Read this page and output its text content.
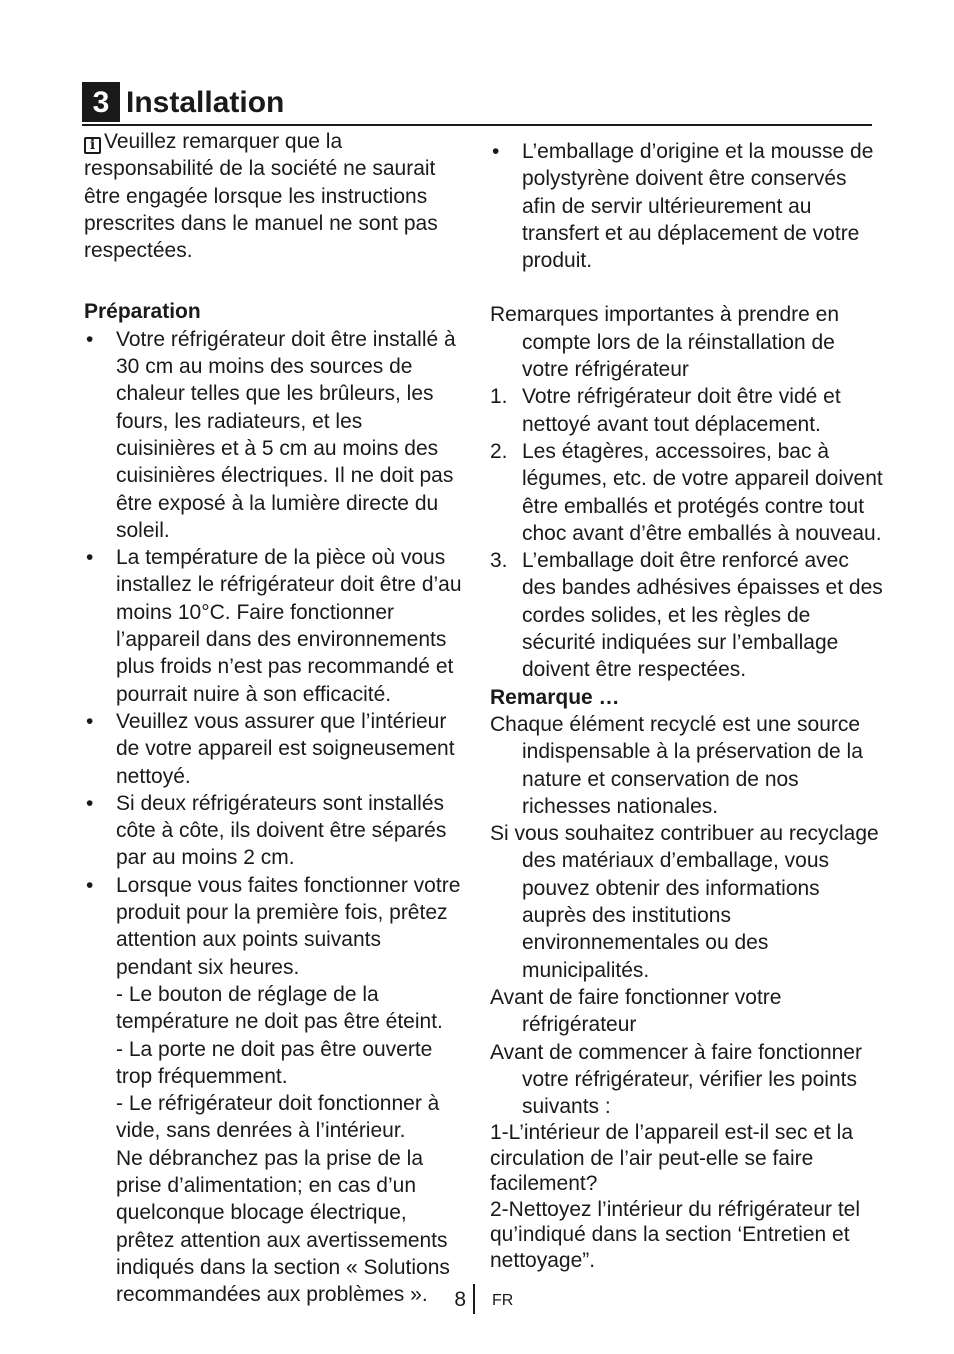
3 Installation

i Veuillez remarquer que la responsabilité de la société ne saurait être engagée lorsque les instructions prescrites dans le manuel ne sont pas respectées.

Préparation

• Votre réfrigérateur doit être installé à 30 cm au moins des sources de chaleur telles que les brûleurs, les fours, les radiateurs, et les cuisinières et à 5 cm au moins des cuisinières électriques. Il ne doit pas être exposé à la lumière directe du soleil.
• La température de la pièce où vous installez le réfrigérateur doit être d’au moins 10°C. Faire fonctionner l’appareil dans des environnements plus froids n’est pas recommandé et pourrait nuire à son efficacité.
• Veuillez vous assurer que l’intérieur de votre appareil est soigneusement nettoyé.
• Si deux réfrigérateurs sont installés côte à côte, ils doivent être séparés par au moins 2 cm.
• Lorsque vous faites fonctionner votre produit pour la première fois, prêtez attention aux points suivants pendant six heures.
- Le bouton de réglage de la température ne doit pas être éteint.
- La porte ne doit pas être ouverte trop fréquemment.
- Le réfrigérateur doit fonctionner à vide, sans denrées à l’intérieur.
Ne débranchez pas la prise de la prise d’alimentation; en cas d’un quelconque blocage électrique, prêtez attention aux avertissements indiqués dans la section « Solutions recommandées aux problèmes ».
• L’emballage d’origine et la mousse de polystyrène doivent être conservés afin de servir ultérieurement au transfert et au déplacement de votre produit.

Remarques importantes à prendre en compte lors de la réinstallation de votre réfrigérateur

1. Votre réfrigérateur doit être vidé et nettoyé avant tout déplacement.
2. Les étagères, accessoires, bac à légumes, etc. de votre appareil doivent être emballés et protégés contre tout choc avant d’être emballés à nouveau.
3. L’emballage doit être renforcé avec des bandes adhésives épaisses et des cordes solides, et les règles de sécurité indiquées sur l’emballage doivent être respectées.

Remarque …

Chaque élément recyclé est une source indispensable à la préservation de la nature et conservation de nos richesses nationales.

Si vous souhaitez contribuer au recyclage des matériaux d’emballage, vous pouvez obtenir des informations auprès des institutions environnementales ou des municipalités.

Avant de faire fonctionner votre réfrigérateur

Avant de commencer à faire fonctionner votre réfrigérateur, vérifier les points suivants :

1-L’intérieur de l’appareil est-il sec et la circulation de l’air peut-elle se faire facilement?

2-Nettoyez l’intérieur du réfrigérateur tel qu’indiqué dans la section ‘Entretien et nettoyage”.

8 FR
